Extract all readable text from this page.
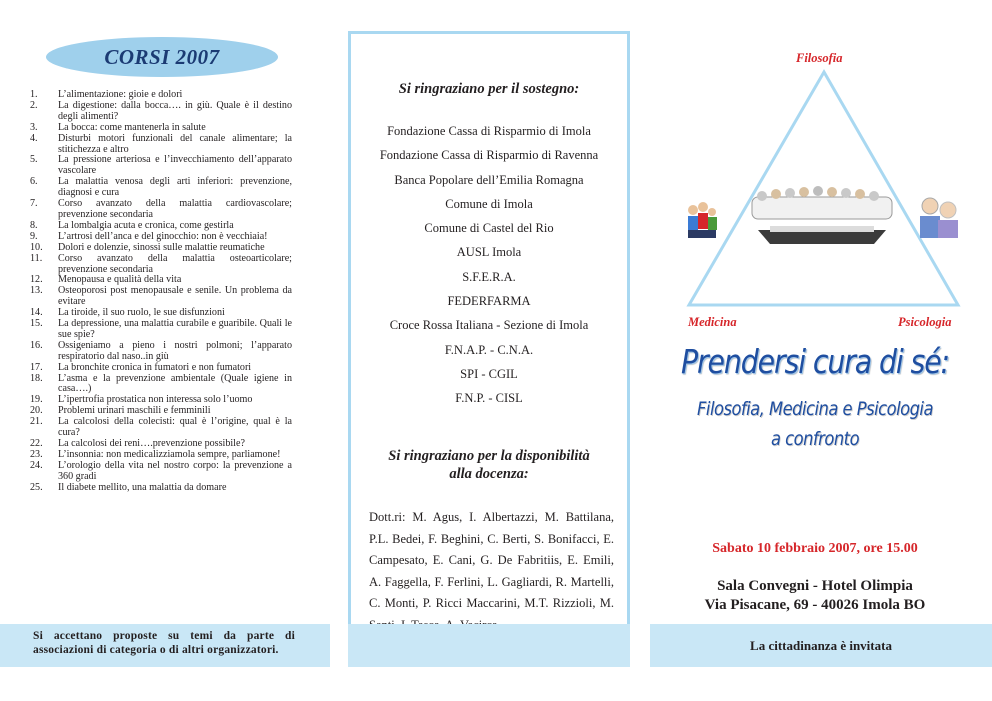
CORSI 2007
1.	L’alimentazione: gioie e dolori
2.	La digestione: dalla bocca…. in giù. Quale è il destino degli alimenti?
3.	La bocca: come mantenerla in salute
4.	Disturbi motori funzionali del canale alimentare; la stitichezza e altro
5.	La pressione arteriosa e l’invecchiamento dell’apparato vascolare
6.	La malattia venosa degli arti inferiori: prevenzione, diagnosi e cura
7.	Corso avanzato della malattia cardiovascolare; prevenzione secondaria
8.	La lombalgia acuta e cronica, come gestirla
9.	L’artrosi dell’anca e del ginocchio: non è vecchiaia!
10.	Dolori e dolenzie, sinossi sulle malattie reumatiche
11.	Corso avanzato della malattia osteoarticolare; prevenzione secondaria
12.	Menopausa e qualità della vita
13.	Osteoporosi post menopausale e senile. Un problema da evitare
14.	La tiroide, il suo ruolo, le sue disfunzioni
15.	La depressione, una malattia curabile e guaribile. Quali le sue spie?
16.	Ossigeniamo a pieno i nostri polmoni; l’apparato respiratorio dal naso..in giù
17.	La bronchite cronica in fumatori e non fumatori
18.	L’asma e la prevenzione ambientale (Quale igiene in casa….)
19.	L’ipertrofia prostatica non interessa solo l’uomo
20.	Problemi urinari maschili e femminili
21.	La calcolosi della colecisti: qual è l’origine, qual è la cura?
22.	La calcolosi dei reni….prevenzione possibile?
23.	L’insonnia: non medicalizziamola sempre, parliamone!
24.	L’orologio della vita nel nostro corpo: la prevenzione a 360 gradi
25.	Il diabete mellito, una malattia da domare
Si accettano proposte su temi da parte di associazioni di categoria o di altri organizzatori.
Si ringraziano per il sostegno:
Fondazione Cassa di Risparmio di Imola
Fondazione Cassa di Risparmio di Ravenna
Banca Popolare dell’Emilia Romagna
Comune di Imola
Comune di Castel del Rio
AUSL Imola
S.F.E.R.A.
FEDERFARMA
Croce Rossa Italiana - Sezione di Imola
F.N.A.P. - C.N.A.
SPI - CGIL
F.N.P. - CISL
Si ringraziano per la disponibilità
alla docenza:
Dott.ri: M. Agus, I. Albertazzi, M. Battilana, P.L. Bedei, F. Beghini, C. Berti, S. Bonifacci, E. Campesato, E. Cani, G. De Fabritiis, E. Emili, A. Faggella, F. Ferlini, L. Gagliardi, R. Martelli, C. Monti, P. Ricci Maccarini, M.T. Rizzioli, M.
Filosofia
Medicina	Psicologia
Prendersi cura di sé:
Filosofia, Medicina e Psicologia
a confronto
Sabato 10 febbraio 2007, ore 15.00
Sala Convegni - Hotel Olimpia
Via Pisacane, 69 - 40026 Imola BO
La cittadinanza è invitata
